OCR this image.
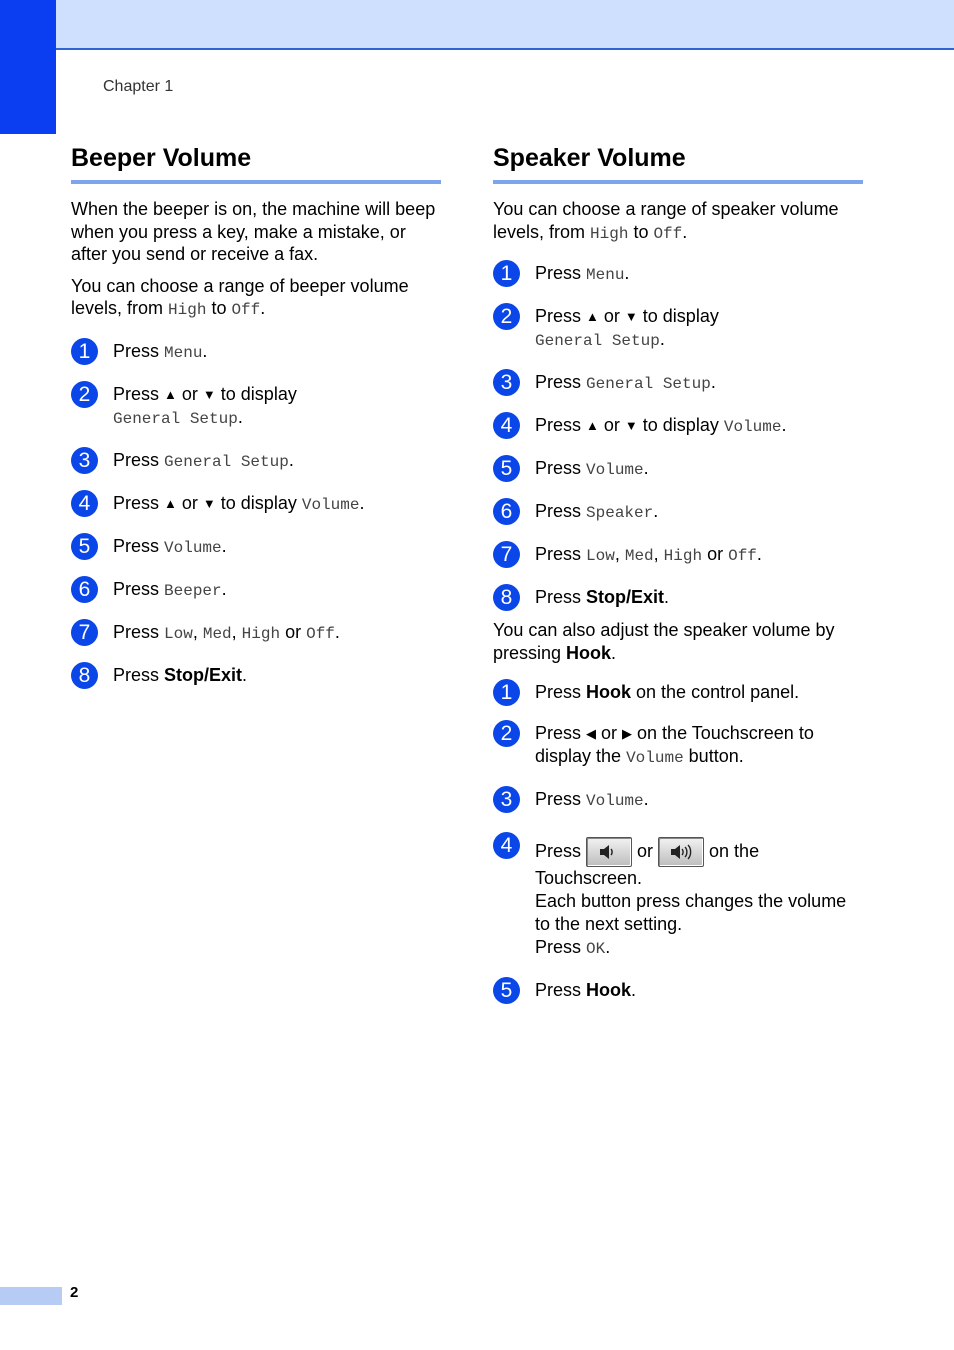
Chapter 1
Beeper Volume

When the beeper is on, the machine will beep when you press a key, make a mistake, or after you send or receive a fax.

You can choose a range of beeper volume levels, from High to Off.

1	Press Menu.
2	Press ▲ or ▼ to display
General Setup.
3	Press General Setup.
4	Press ▲ or ▼ to display Volume.
5	Press Volume.
6	Press Beeper.
7	Press Low, Med, High or Off.
8	Press Stop/Exit.
Speaker Volume

You can choose a range of speaker volume levels, from High to Off.

1	Press Menu.
2	Press ▲ or ▼ to display
General Setup.
3	Press General Setup.
4	Press ▲ or ▼ to display Volume.
5	Press Volume.
6	Press Speaker.
7	Press Low, Med, High or Off.
8	Press Stop/Exit.

You can also adjust the speaker volume by pressing Hook.

1	Press Hook on the control panel.
2	Press ◀ or ▶ on the Touchscreen to display the Volume button.
3	Press Volume.
4	Press	or	on the
Touchscreen.
Each button press changes the volume to the next setting.
Press OK.
5	Press Hook.
2
